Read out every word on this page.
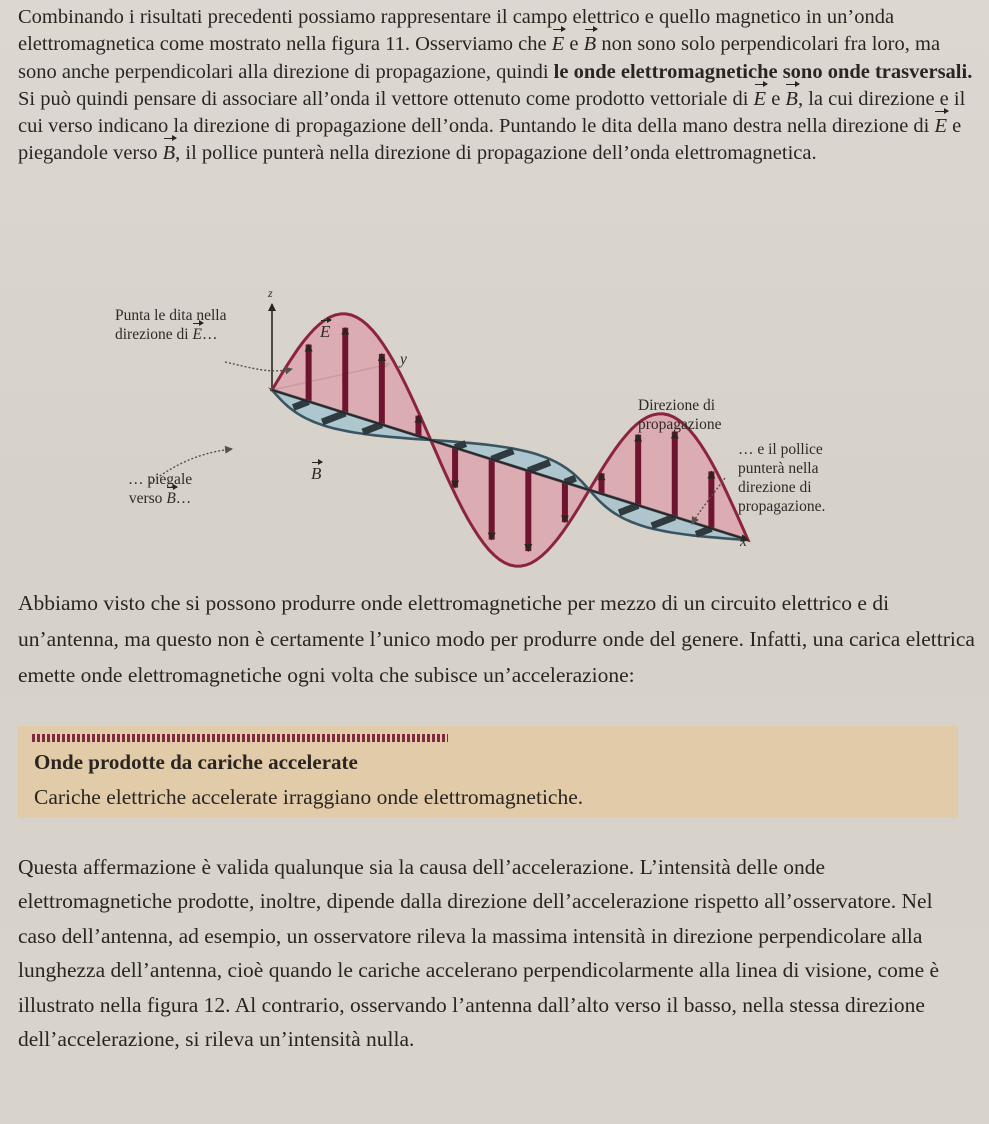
Combinando i risultati precedenti possiamo rappresentare il campo elettrico e quello magnetico in un’onda elettromagnetica come mostrato nella figura 11. Osserviamo che E e B non sono solo perpendicolari fra loro, ma sono anche perpendicolari alla direzione di propagazione, quindi le onde elettromagnetiche sono onde trasversali. Si può quindi pensare di associare all’onda il vettore ottenuto come prodotto vettoriale di E e B, la cui direzione e il cui verso indicano la direzione di propagazione dell’onda. Puntando le dita della mano destra nella direzione di E e piegandole verso B, il pollice punterà nella direzione di propagazione dell’onda elettromagnetica.

Punta le dita nella
direzione di E…

… piegale
verso B…

z
y
x
E
B

Direzione di
propagazione

… e il pollice
punterà nella
direzione di
propagazione.

Abbiamo visto che si possono produrre onde elettromagnetiche per mezzo di un circuito elettrico e di un’antenna, ma questo non è certamente l’unico modo per produrre onde del genere. Infatti, una carica elettrica emette onde elettromagnetiche ogni volta che subisce un’accelerazione:

Onde prodotte da cariche accelerate

Cariche elettriche accelerate irraggiano onde elettromagnetiche.

Questa affermazione è valida qualunque sia la causa dell’accelerazione. L’intensità delle onde elettromagnetiche prodotte, inoltre, dipende dalla direzione dell’accelerazione rispetto all’osservatore. Nel caso dell’antenna, ad esempio, un osservatore rileva la massima intensità in direzione perpendicolare alla lunghezza dell’antenna, cioè quando le cariche accelerano perpendicolarmente alla linea di visione, come è illustrato nella figura 12. Al contrario, osservando l’antenna dall’alto verso il basso, nella stessa direzione dell’accelerazione, si rileva un’intensità nulla.
